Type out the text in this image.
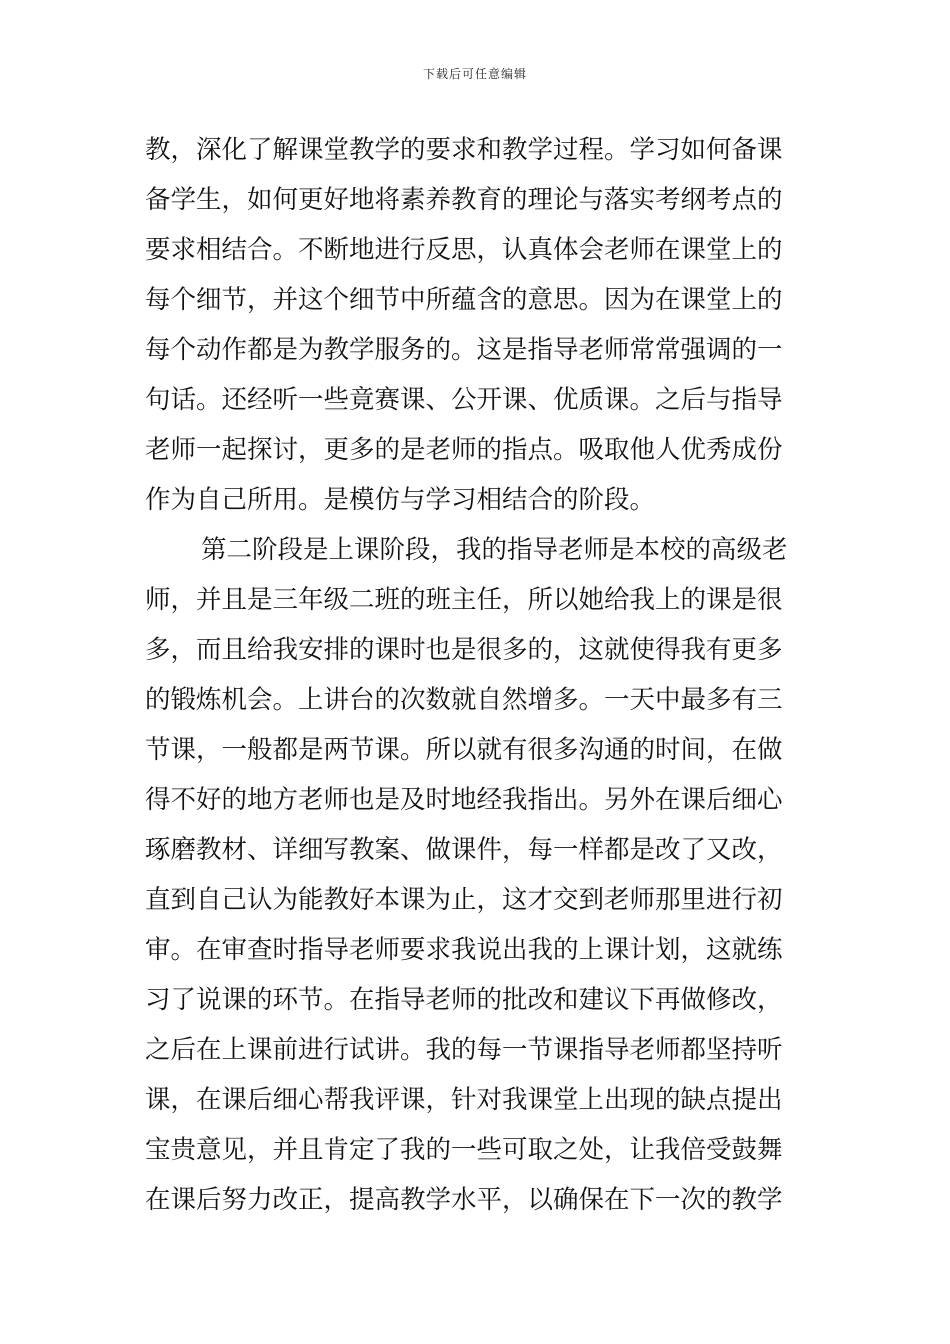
下载后可任意编辑
教，深化了解课堂教学的要求和教学过程。学习如何备课
备学生，如何更好地将素养教育的理论与落实考纲考点的
要求相结合。不断地进行反思，认真体会老师在课堂上的
每个细节，并这个细节中所蕴含的意思。因为在课堂上的
每个动作都是为教学服务的。这是指导老师常常强调的一
句话。还经听一些竟赛课、公开课、优质课。之后与指导
老师一起探讨，更多的是老师的指点。吸取他人优秀成份
作为自己所用。是模仿与学习相结合的阶段。
第二阶段是上课阶段，我的指导老师是本校的高级老
师，并且是三年级二班的班主任，所以她给我上的课是很
多，而且给我安排的课时也是很多的，这就使得我有更多
的锻炼机会。上讲台的次数就自然增多。一天中最多有三
节课，一般都是两节课。所以就有很多沟通的时间，在做
得不好的地方老师也是及时地经我指出。另外在课后细心
琢磨教材、详细写教案、做课件，每一样都是改了又改，
直到自己认为能教好本课为止，这才交到老师那里进行初
审。在审查时指导老师要求我说出我的上课计划，这就练
习了说课的环节。在指导老师的批改和建议下再做修改，
之后在上课前进行试讲。我的每一节课指导老师都坚持听
课，在课后细心帮我评课，针对我课堂上出现的缺点提出
宝贵意见，并且肯定了我的一些可取之处，让我倍受鼓舞
在课后努力改正，提高教学水平，以确保在下一次的教学
